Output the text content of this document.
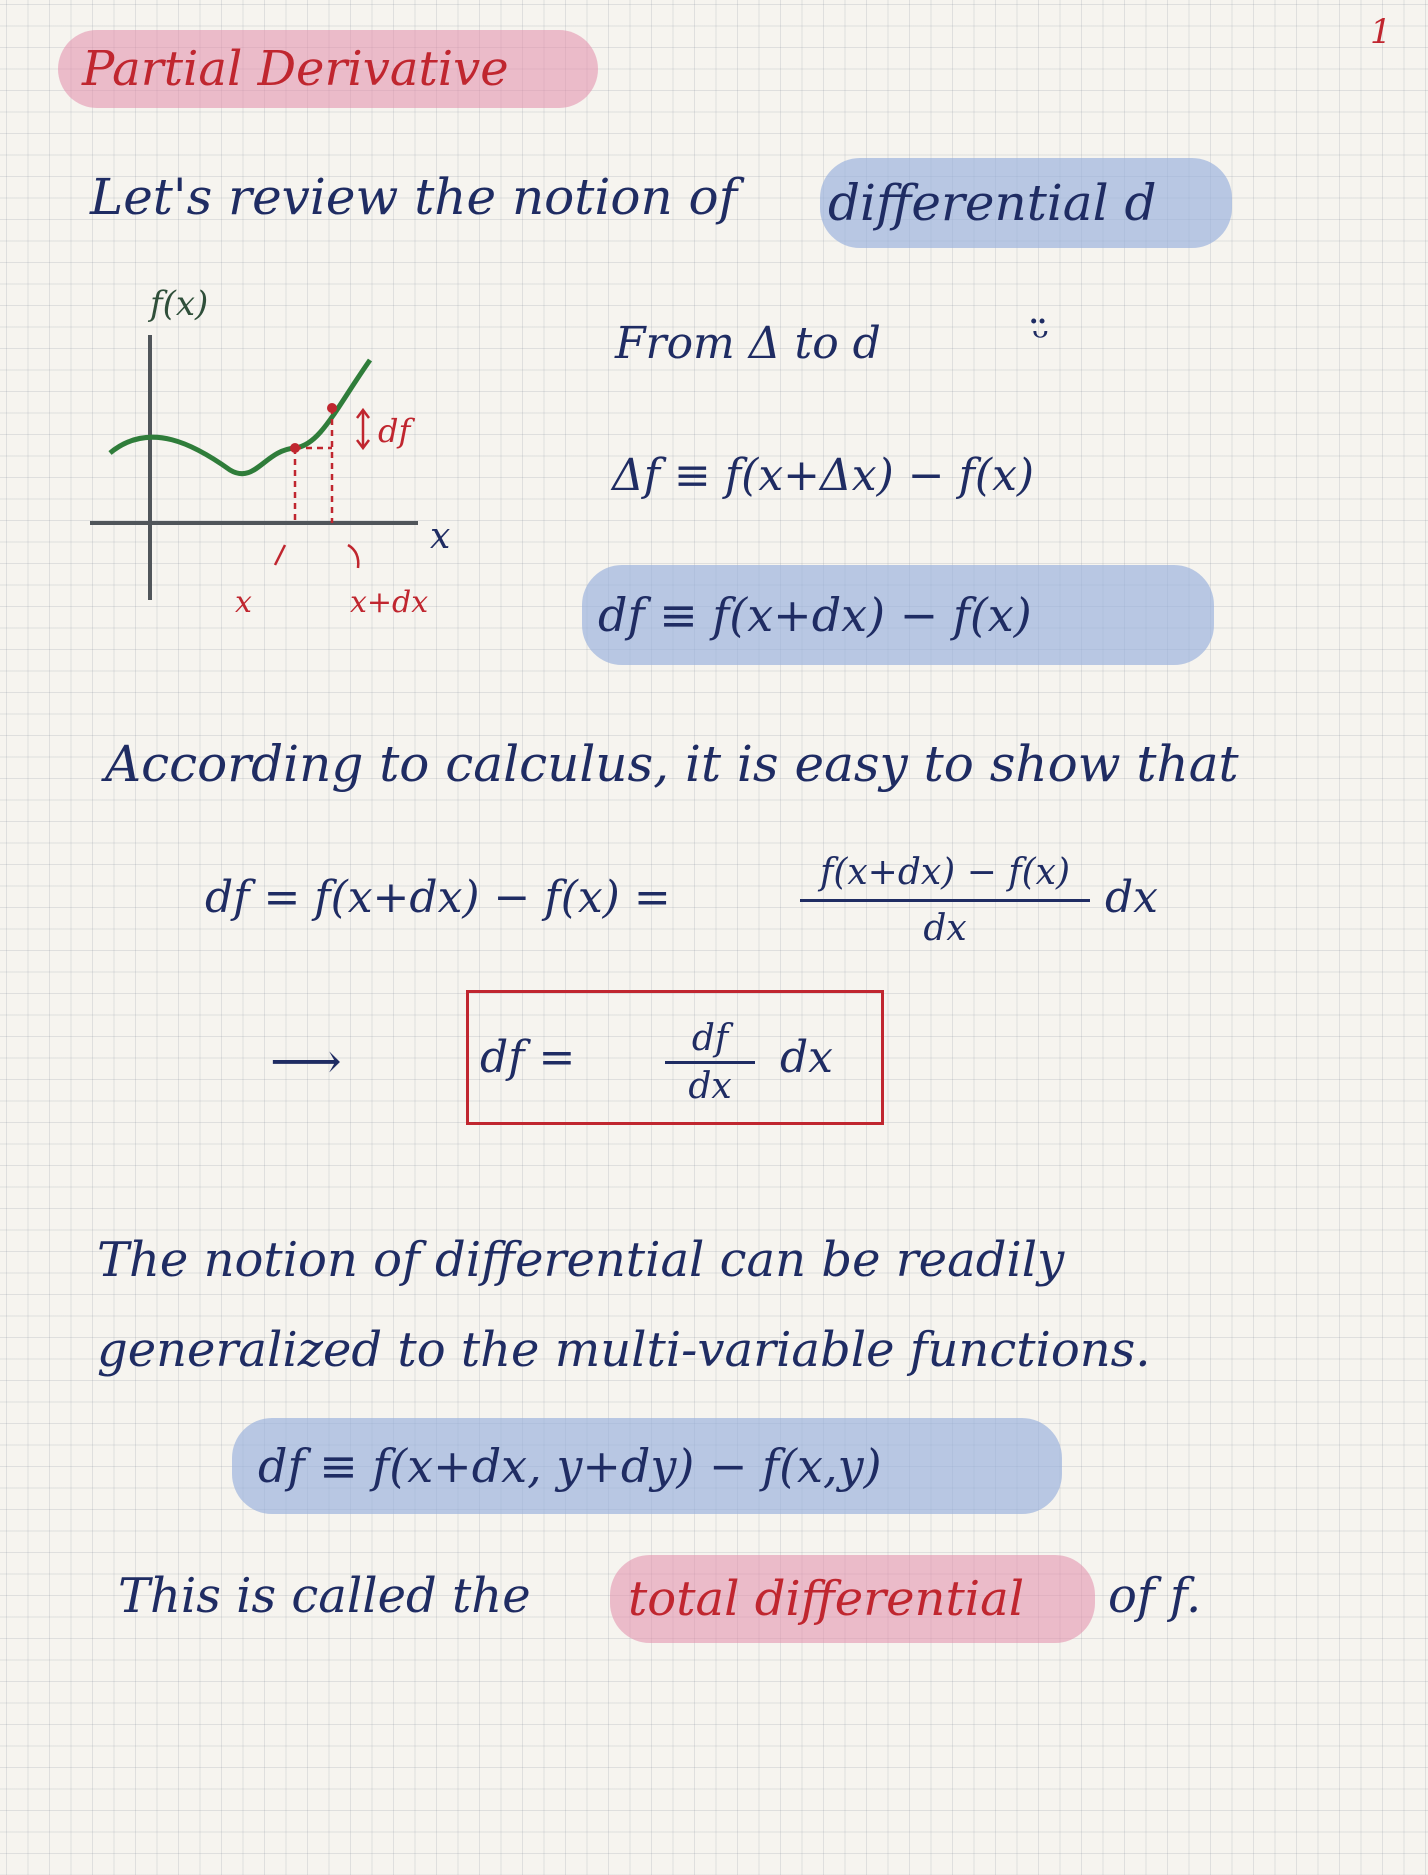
Partial Derivative
1
Let's review the notion of differential d
f(x)
x
x	x+dx
df
From Δ to d	ᵕ̈
Δf ≡ f(x+Δx) − f(x)
df ≡ f(x+dx) − f(x)
According to calculus, it is easy to show that
df = f(x+dx) − f(x) =	$\frac{f(x+dx) - f(x)}{dx}$ dx
⟶	df = $\frac{df}{dx}$ dx
The notion of differential can be readily
generalized to the multi-variable functions.
df ≡ f(x+dx, y+dy) − f(x,y)
This is called the	total differential	of f.
